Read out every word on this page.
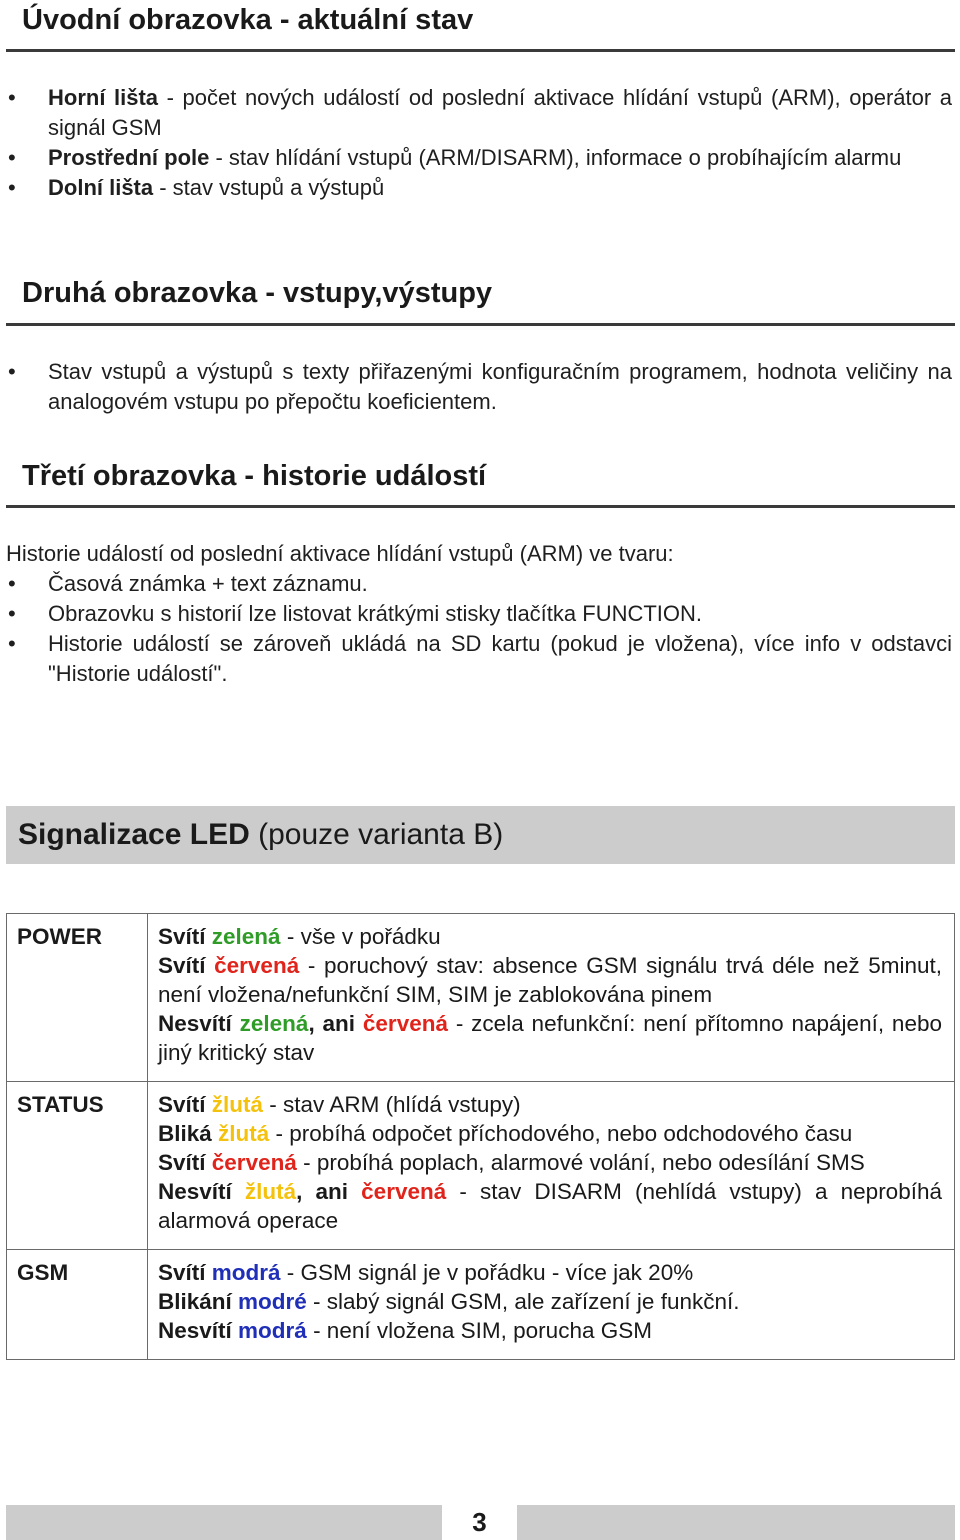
Úvodní obrazovka - aktuální stav
• Horní lišta - počet nových událostí od poslední aktivace hlídání vstupů (ARM), operátor a signál GSM
• Prostřední pole - stav hlídání vstupů (ARM/DISARM), informace o probíhajícím alarmu
• Dolní lišta - stav vstupů a výstupů
Druhá obrazovka - vstupy,výstupy
• Stav vstupů a výstupů s texty přiřazenými konfiguračním programem, hodnota veličiny na analogovém vstupu po přepočtu koeficientem.
Třetí obrazovka - historie událostí

Historie událostí od poslední aktivace hlídání vstupů (ARM) ve tvaru:

• Časová známka + text záznamu.
• Obrazovku s historií lze listovat krátkými stisky tlačítka FUNCTION.
• Historie událostí se zároveň ukládá na SD kartu (pokud je vložena), více info v odstavci "Historie událostí".
Signalizace LED (pouze varianta B)
POWER	Svítí zelená - vše v pořádku
Svítí červená - poruchový stav: absence GSM signálu trvá déle než 5minut, není vložena/nefunkční SIM, SIM je zablokována pinem
Nesvítí zelená, ani červená - zcela nefunkční: není přítomno napájení, nebo jiný kritický stav

STATUS	Svítí žlutá - stav ARM (hlídá vstupy)
Bliká žlutá - probíhá odpočet příchodového, nebo odchodového času
Svítí červená - probíhá poplach, alarmové volání, nebo odesílání SMS
Nesvítí žlutá, ani červená - stav DISARM (nehlídá vstupy) a neprobíhá alarmová operace

GSM	Svítí modrá - GSM signál je v pořádku - více jak 20%
Blikání modré - slabý signál GSM, ale zařízení je funkční.
Nesvítí modrá - není vložena SIM, porucha GSM
3
